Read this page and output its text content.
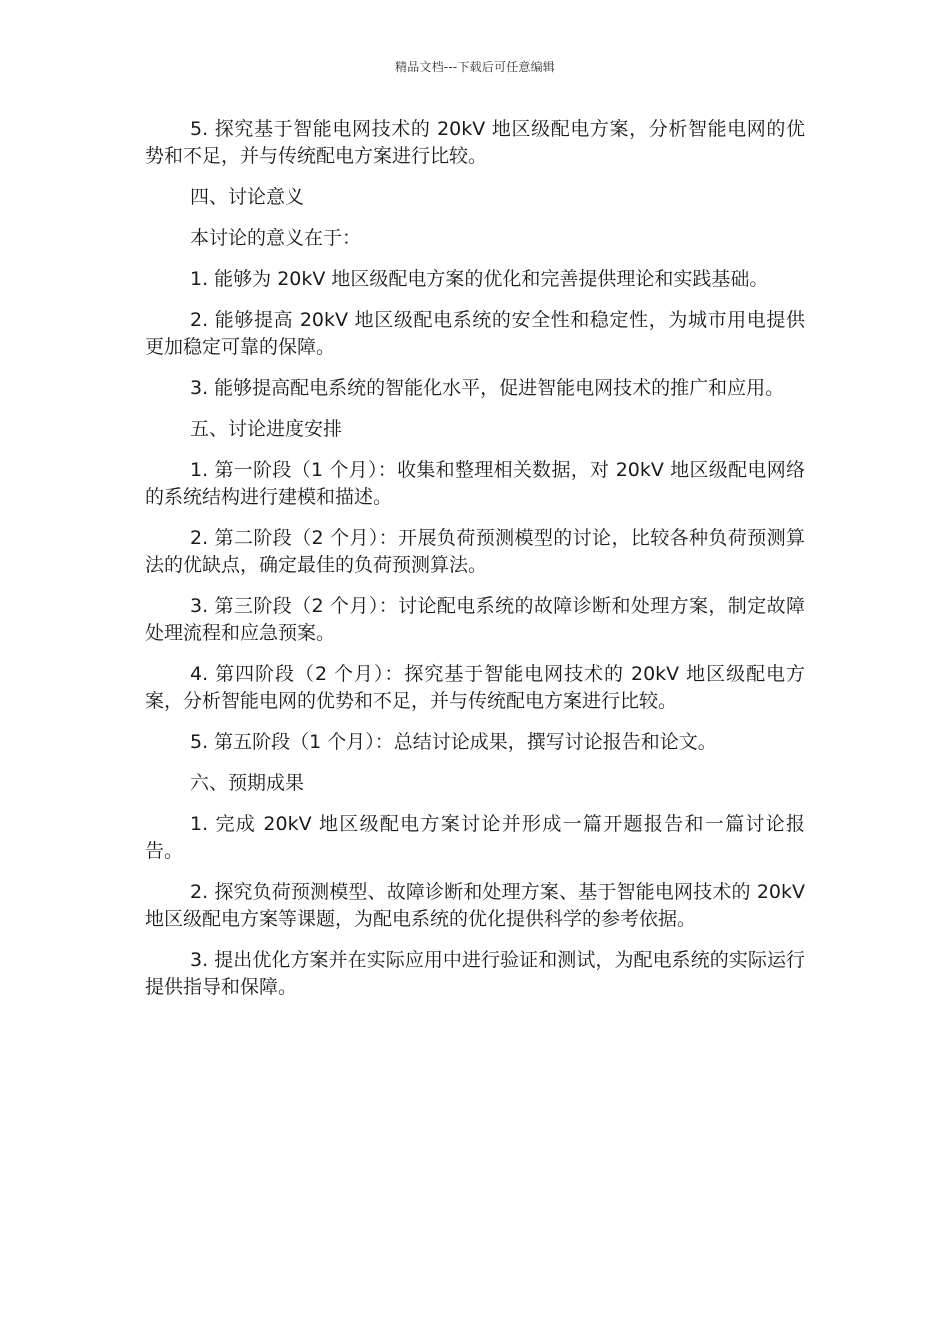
精品文档---下载后可任意编辑

5. 探究基于智能电网技术的 20kV 地区级配电方案，分析智能电网的优势和不足，并与传统配电方案进行比较。

四、讨论意义

本讨论的意义在于：

1. 能够为 20kV 地区级配电方案的优化和完善提供理论和实践基础。

2. 能够提高 20kV 地区级配电系统的安全性和稳定性，为城市用电提供更加稳定可靠的保障。

3. 能够提高配电系统的智能化水平，促进智能电网技术的推广和应用。

五、讨论进度安排

1. 第一阶段（1 个月）：收集和整理相关数据，对 20kV 地区级配电网络的系统结构进行建模和描述。

2. 第二阶段（2 个月）：开展负荷预测模型的讨论，比较各种负荷预测算法的优缺点，确定最佳的负荷预测算法。

3. 第三阶段（2 个月）：讨论配电系统的故障诊断和处理方案，制定故障处理流程和应急预案。

4. 第四阶段（2 个月）：探究基于智能电网技术的 20kV 地区级配电方案，分析智能电网的优势和不足，并与传统配电方案进行比较。

5. 第五阶段（1 个月）：总结讨论成果，撰写讨论报告和论文。

六、预期成果

1. 完成 20kV 地区级配电方案讨论并形成一篇开题报告和一篇讨论报告。

2. 探究负荷预测模型、故障诊断和处理方案、基于智能电网技术的 20kV 地区级配电方案等课题，为配电系统的优化提供科学的参考依据。

3. 提出优化方案并在实际应用中进行验证和测试，为配电系统的实际运行提供指导和保障。
